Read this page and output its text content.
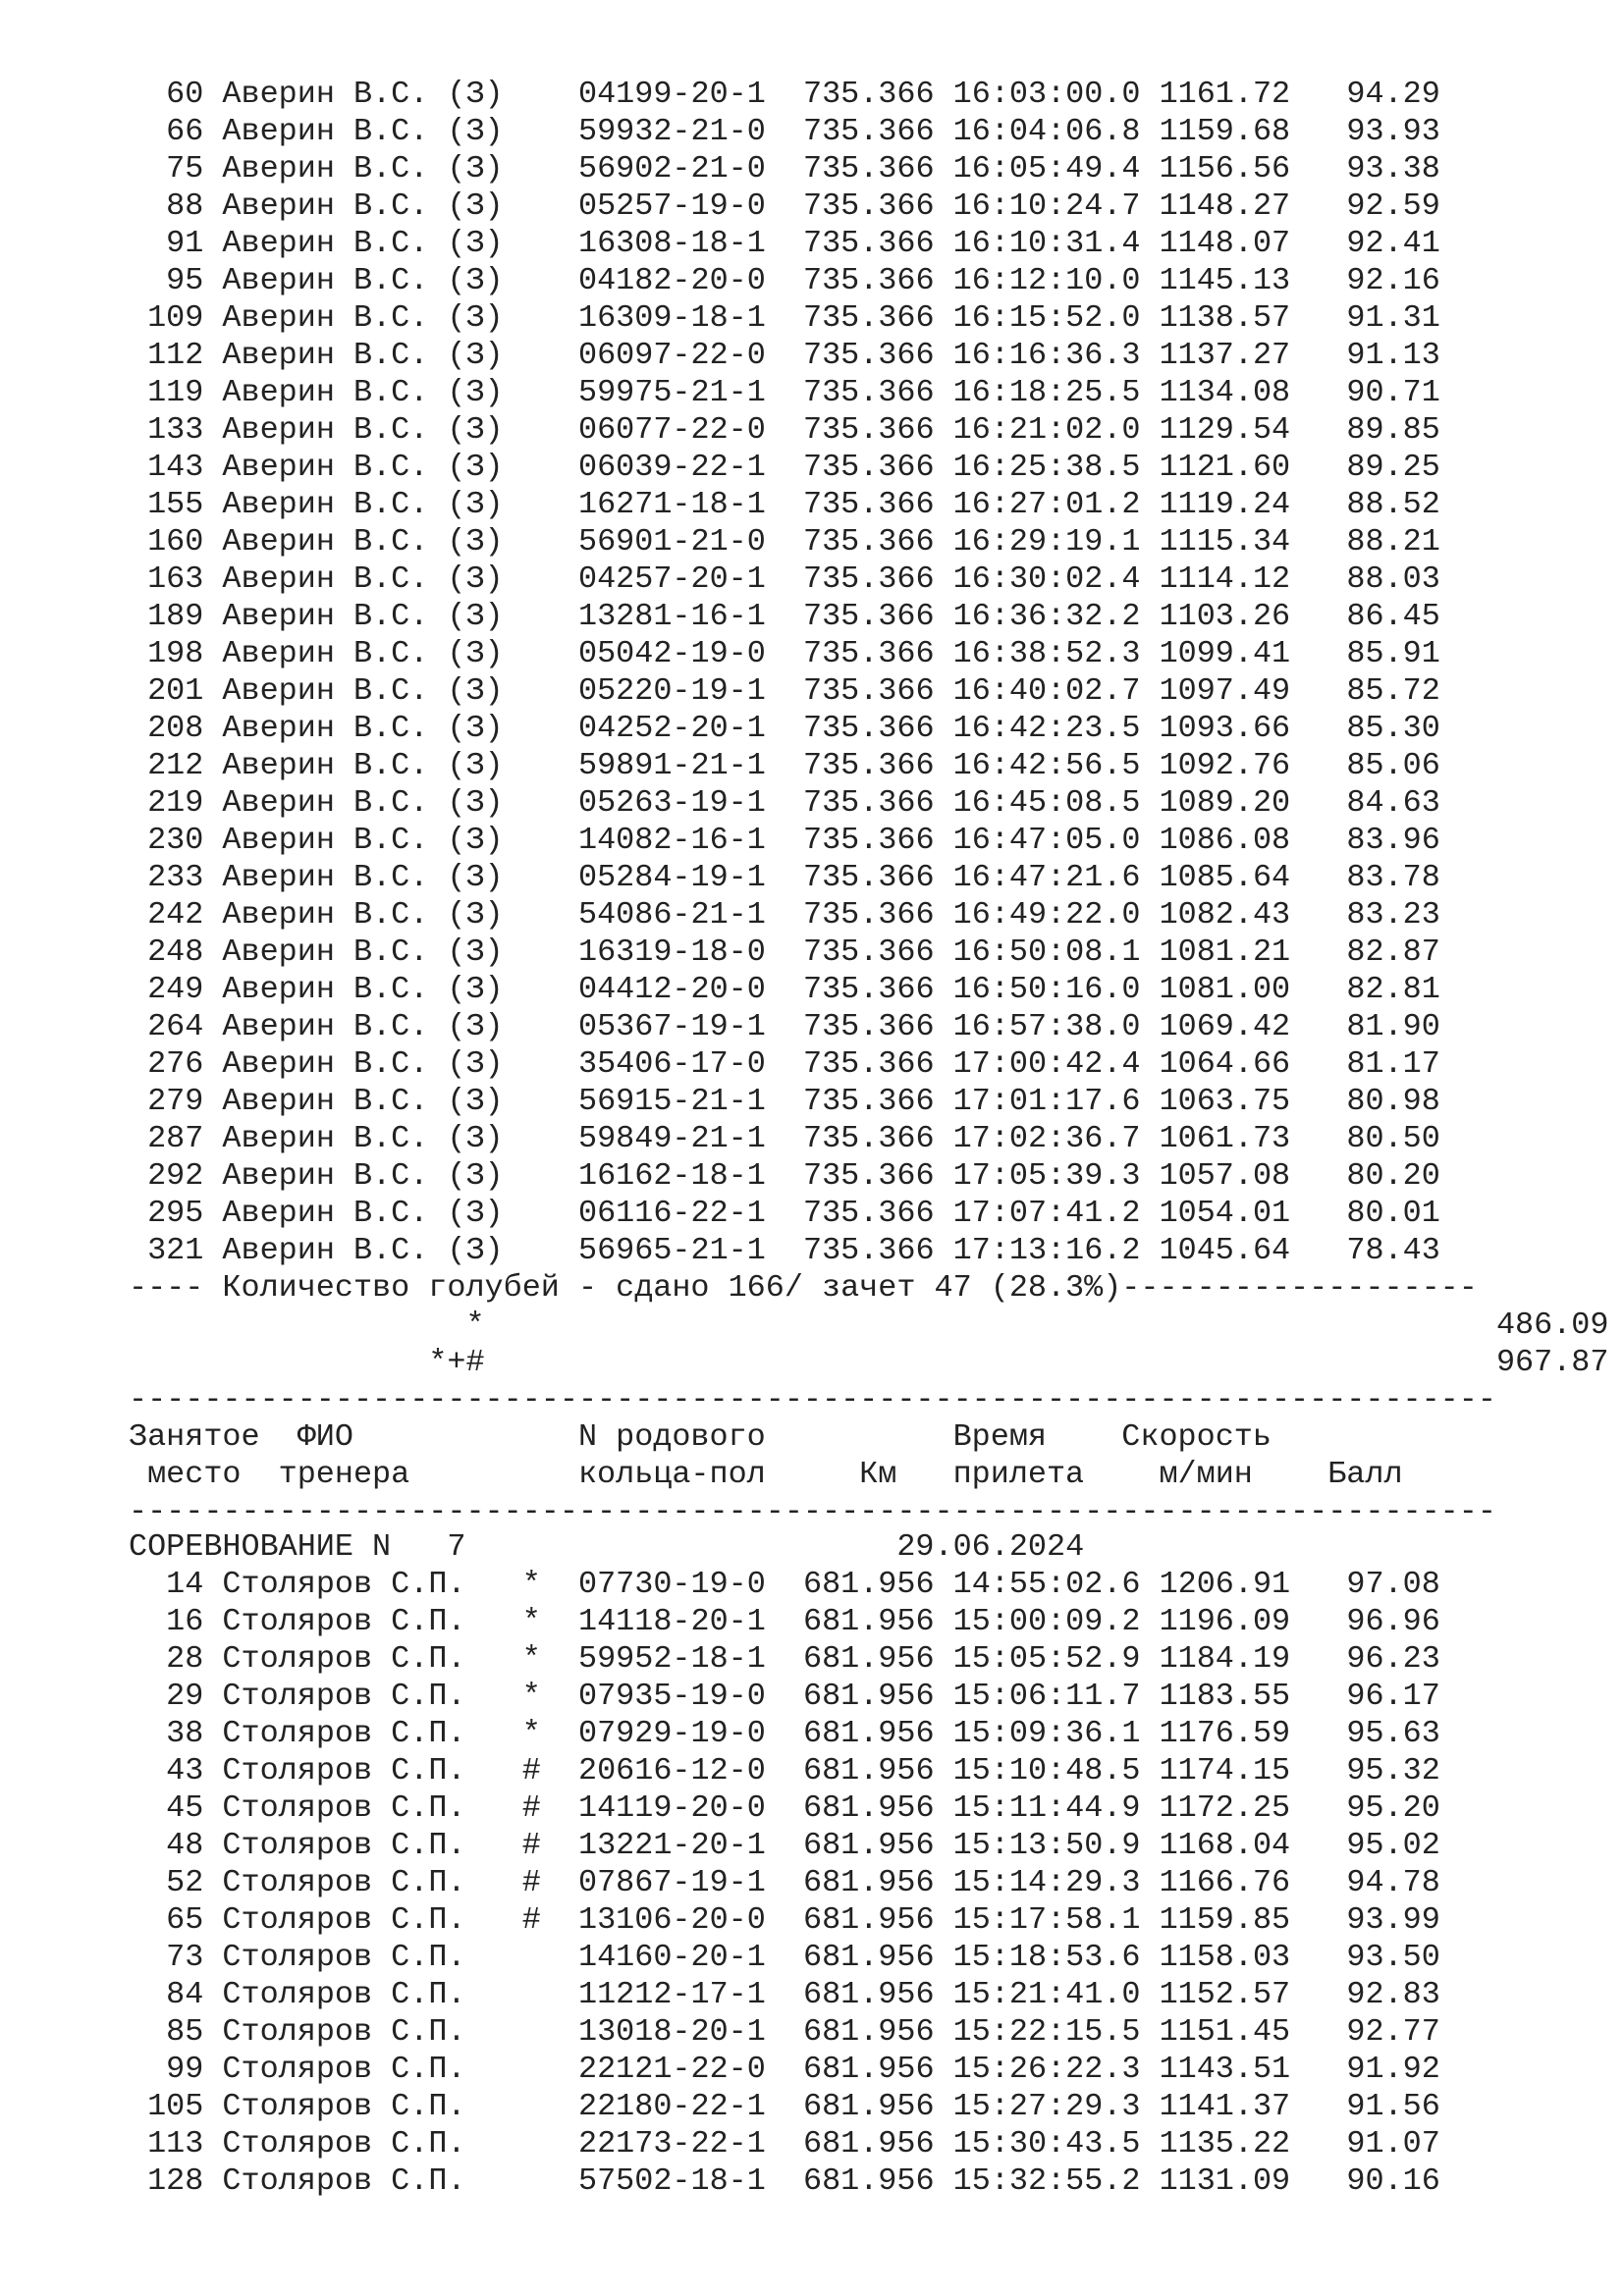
60 Аверин В.С. (З) 04199-20-1 735.366 16:03:00.0 1161.72   94.29
66 Аверин В.С. (З) 59932-21-0 735.366 16:04:06.8 1159.68   93.93
75 Аверин В.С. (З) 56902-21-0 735.366 16:05:49.4 1156.56   93.38
88 Аверин В.С. (З) 05257-19-0 735.366 16:10:24.7 1148.27   92.59
91 Аверин В.С. (З) 16308-18-1 735.366 16:10:31.4 1148.07   92.41
95 Аверин В.С. (З) 04182-20-0 735.366 16:12:10.0 1145.13   92.16
109 Аверин В.С. (З) 16309-18-1 735.366 16:15:52.0 1138.57   91.31
112 Аверин В.С. (З) 06097-22-0 735.366 16:16:36.3 1137.27   91.13
119 Аверин В.С. (З) 59975-21-1 735.366 16:18:25.5 1134.08   90.71
133 Аверин В.С. (З) 06077-22-0 735.366 16:21:02.0 1129.54   89.85
143 Аверин В.С. (З) 06039-22-1 735.366 16:25:38.5 1121.60   89.25
155 Аверин В.С. (З) 16271-18-1 735.366 16:27:01.2 1119.24   88.52
160 Аверин В.С. (З) 56901-21-0 735.366 16:29:19.1 1115.34   88.21
163 Аверин В.С. (З) 04257-20-1 735.366 16:30:02.4 1114.12   88.03
189 Аверин В.С. (З) 13281-16-1 735.366 16:36:32.2 1103.26   86.45
198 Аверин В.С. (З) 05042-19-0 735.366 16:38:52.3 1099.41   85.91
201 Аверин В.С. (З) 05220-19-1 735.366 16:40:02.7 1097.49   85.72
208 Аверин В.С. (З) 04252-20-1 735.366 16:42:23.5 1093.66   85.30
212 Аверин В.С. (З) 59891-21-1 735.366 16:42:56.5 1092.76   85.06
219 Аверин В.С. (З) 05263-19-1 735.366 16:45:08.5 1089.20   84.63
230 Аверин В.С. (З) 14082-16-1 735.366 16:47:05.0 1086.08   83.96
233 Аверин В.С. (З) 05284-19-1 735.366 16:47:21.6 1085.64   83.78
242 Аверин В.С. (З) 54086-21-1 735.366 16:49:22.0 1082.43   83.23
248 Аверин В.С. (З) 16319-18-0 735.366 16:50:08.1 1081.21   82.87
249 Аверин В.С. (З) 04412-20-0 735.366 16:50:16.0 1081.00   82.81
264 Аверин В.С. (З) 05367-19-1 735.366 16:57:38.0 1069.42   81.90
276 Аверин В.С. (З) 35406-17-0 735.366 17:00:42.4 1064.66   81.17
279 Аверин В.С. (З) 56915-21-1 735.366 17:01:17.6 1063.75   80.98
287 Аверин В.С. (З) 59849-21-1 735.366 17:02:36.7 1061.73   80.50
292 Аверин В.С. (З) 16162-18-1 735.366 17:05:39.3 1057.08   80.20
295 Аверин В.С. (З) 06116-22-1 735.366 17:07:41.2 1054.01   80.01
321 Аверин В.С. (З) 56965-21-1 735.366 17:13:16.2 1045.64   78.43
---- Количество голубей - сдано 166/ зачет 47 (28.3%)-------------------
*	486.09
*+#	967.87
-------------------------------------------------------------------------
Занятое  ФИО            N родового          Время    Скорость
место  тренера         кольца-пол     Км   прилета    м/мин    Балл
-------------------------------------------------------------------------
СОРЕВНОВАНИЕ N   7	29.06.2024
14 Столяров С.П.   * 07730-19-0 681.956 14:55:02.6 1206.91   97.08
16 Столяров С.П.   * 14118-20-1 681.956 15:00:09.2 1196.09   96.96
28 Столяров С.П.   * 59952-18-1 681.956 15:05:52.9 1184.19   96.23
29 Столяров С.П.   * 07935-19-0 681.956 15:06:11.7 1183.55   96.17
38 Столяров С.П.   * 07929-19-0 681.956 15:09:36.1 1176.59   95.63
43 Столяров С.П.   # 20616-12-0 681.956 15:10:48.5 1174.15   95.32
45 Столяров С.П.   # 14119-20-0 681.956 15:11:44.9 1172.25   95.20
48 Столяров С.П.   # 13221-20-1 681.956 15:13:50.9 1168.04   95.02
52 Столяров С.П.   # 07867-19-1 681.956 15:14:29.3 1166.76   94.78
65 Столяров С.П.   # 13106-20-0 681.956 15:17:58.1 1159.85   93.99
73 Столяров С.П.      14160-20-1 681.956 15:18:53.6 1158.03   93.50
84 Столяров С.П.      11212-17-1 681.956 15:21:41.0 1152.57   92.83
85 Столяров С.П.      13018-20-1 681.956 15:22:15.5 1151.45   92.77
99 Столяров С.П.      22121-22-0 681.956 15:26:22.3 1143.51   91.92
105 Столяров С.П.      22180-22-1 681.956 15:27:29.3 1141.37   91.56
113 Столяров С.П.      22173-22-1 681.956 15:30:43.5 1135.22   91.07
128 Столяров С.П.      57502-18-1 681.956 15:32:55.2 1131.09   90.16
